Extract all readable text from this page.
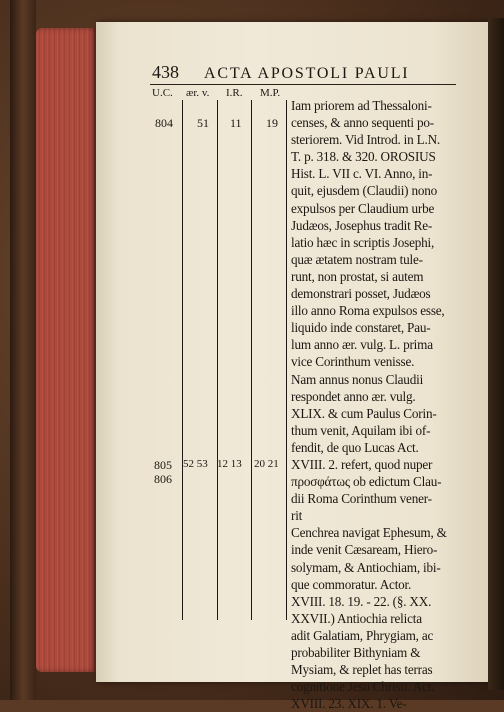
438	ACTA APOSTOLI PAULI
U.C. ær. v. I.R. M.P.
804 51 11 19
805
806
52 53 12 13 20 21
Iam priorem ad Thessaloni-
censes, & anno sequenti po-
steriorem. Vid Introd. in L.N.
T. p. 318. & 320. OROSIUS
Hist. L. VII c. VI. Anno, in-
quit, ejusdem (Claudii) nono
expulsos per Claudium urbe
Judæos, Josephus tradit Re-
latio hæc in scriptis Josephi,
quæ ætatem nostram tule-
runt, non prostat, si autem
demonstrari posset, Judæos
illo anno Roma expulsos esse,
liquido inde constaret, Pau-
lum anno ær. vulg. L. prima
vice Corinthum venisse.
Nam annus nonus Claudii
respondet anno ær. vulg.
XLIX. & cum Paulus Corin-
thum venit, Aquilam ibi of-
fendit, de quo Lucas Act.
XVIII. 2. refert, quod nuper
προσφάτως ob edictum Clau-
dii Roma Corinthum vener-
rit
Cenchrea navigat Ephesum, &
inde venit Cæsaream, Hiero-
solymam, & Antiochiam, ibi-
que commoratur. Actor.
XVIII. 18. 19. - 22. (§. XX.
XXVII.) Antiochia relicta
adit Galatiam, Phrygiam, ac
probabiliter Bithyniam &
Mysiam, & replet has terras
cognitione Jesu Christi. Act.
XVIII. 23. XIX. 1. Ve-
